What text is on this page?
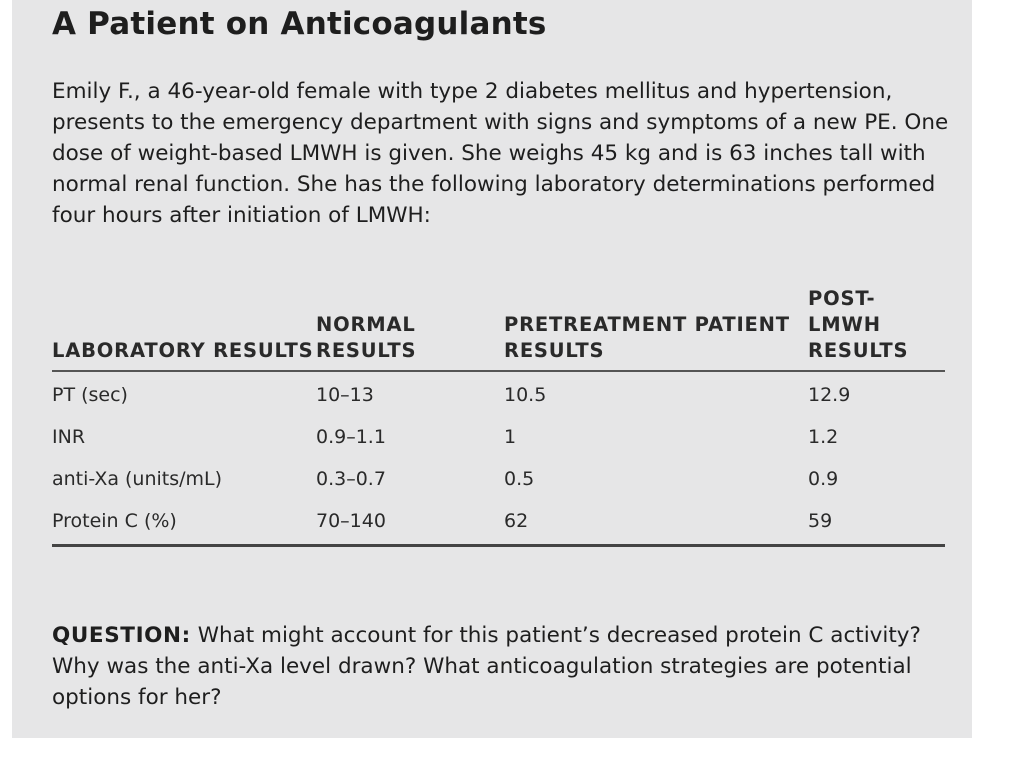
A Patient on Anticoagulants

Emily F., a 46-year-old female with type 2 diabetes mellitus and hypertension, presents to the emergency department with signs and symptoms of a new PE. One dose of weight-based LMWH is given. She weighs 45 kg and is 63 inches tall with normal renal function. She has the following laboratory determinations performed four hours after initiation of LMWH:

LABORATORY RESULTS	NORMAL RESULTS	PRETREATMENT PATIENT RESULTS	POST-LMWH RESULTS
PT (sec)	10–13	10.5	12.9
INR	0.9–1.1	1	1.2
anti-Xa (units/mL)	0.3–0.7	0.5	0.9
Protein C (%)	70–140	62	59

QUESTION: What might account for this patient’s decreased protein C activity? Why was the anti-Xa level drawn? What anticoagulation strategies are potential options for her?
